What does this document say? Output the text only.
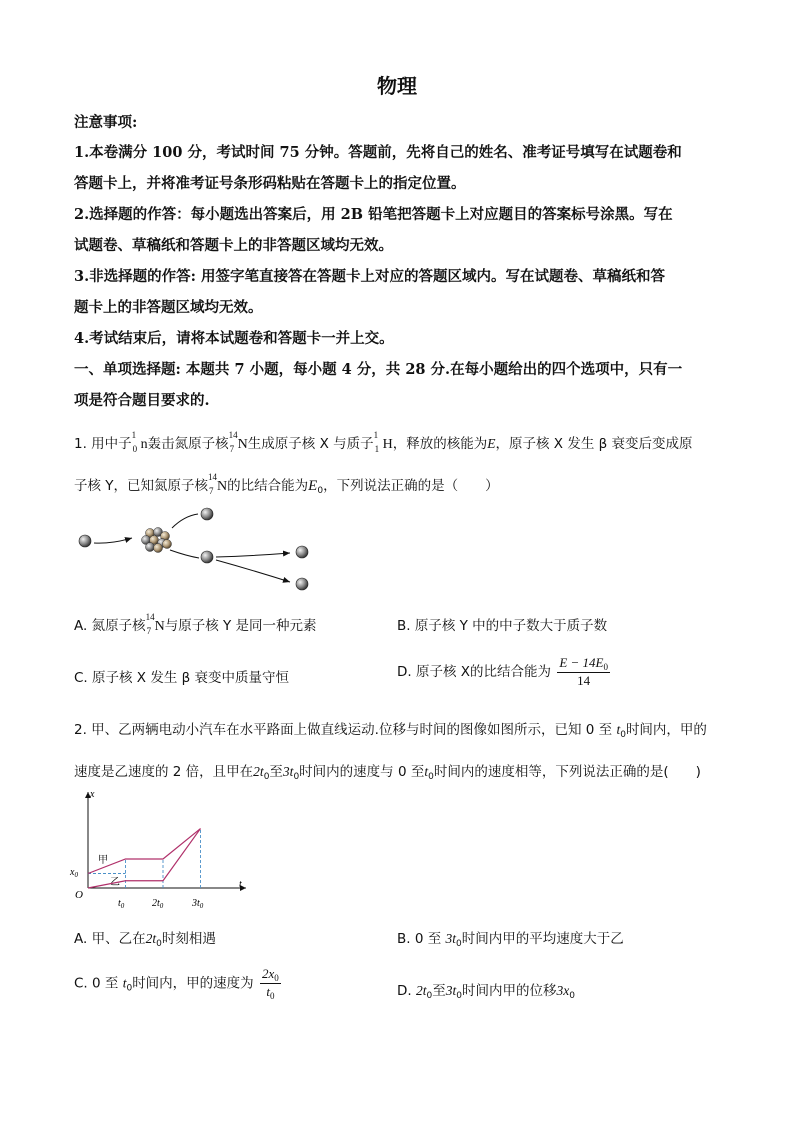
物理
注意事项:
1.本卷满分 100 分，考试时间 75 分钟。答题前，先将自己的姓名、准考证号填写在试题卷和
答题卡上，并将准考证号条形码粘贴在答题卡上的指定位置。
2.选择题的作答：每小题选出答案后，用 2B 铅笔把答题卡上对应题目的答案标号涂黑。写在
试题卷、草稿纸和答题卡上的非答题区域均无效。
3.非选择题的作答: 用签字笔直接答在答题卡上对应的答题区域内。写在试题卷、草稿纸和答
题卡上的非答题区域均无效。
4.考试结束后，请将本试题卷和答题卡一并上交。
一、单项选择题: 本题共 7 小题，每小题 4 分，共 28 分.在每小题给出的四个选项中，只有一
项是符合题目要求的.
1. 用中子
1
0 n轰击氮原子核
14
7 N生成原子核 X 与质子
1
1 H，释放的核能为E，原子核 X 发生 β 衰变后变成原
子核 Y，已知氮原子核
14
7 N的比结合能为$E_0$，下列说法正确的是（　　）
A. 氮原子核
14
7 N与原子核 Y 是同一种元素	B. 原子核 Y 中的中子数大于质子数
C. 原子核 X 发生 β 衰变中质量守恒	D. 原子核 X的比结合能为 $\frac{E - 14E_0}{14}$
2. 甲、乙两辆电动小汽车在水平路面上做直线运动.位移与时间的图像如图所示，已知 0 至 $t_0$时间内，甲的
速度是乙速度的 2 倍，且甲在$2t_0$至$3t_0$时间内的速度与 0 至$t_0$时间内的速度相等，下列说法正确的是(　　)
x
t
O
$x_0$
$t_0$	$2t_0$	$3t_0$
甲
乙
A. 甲、乙在$2t_0$时刻相遇	B. 0 至 $3t_0$时间内甲的平均速度大于乙
C. 0 至 $t_0$时间内，甲的速度为 $\frac{2x_0}{t_0}$	D. $2t_0$至$3t_0$时间内甲的位移$3x_0$
